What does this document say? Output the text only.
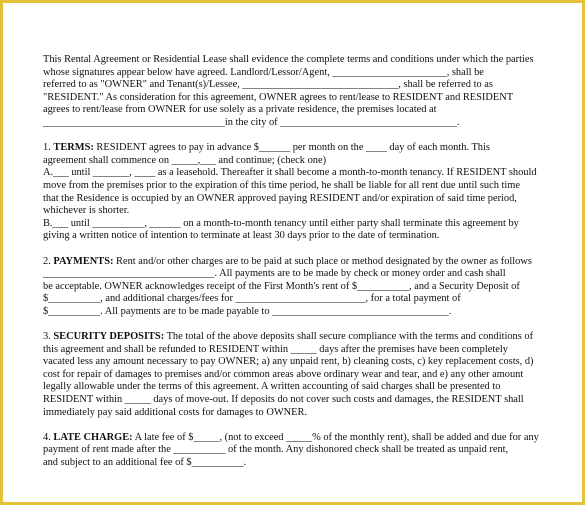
This Rental Agreement or Residential Lease shall evidence the complete terms and conditions under which the parties
whose signatures appear below have agreed. Landlord/Lessor/Agent, ______________________, shall be
referred to as "OWNER" and Tenant(s)/Lessee, ______________________________, shall be referred to as
"RESIDENT." As consideration for this agreement, OWNER agrees to rent/lease to RESIDENT and RESIDENT
agrees to rent/lease from OWNER for use solely as a private residence, the premises located at
___________________________________in the city of __________________________________.

1. TERMS: RESIDENT agrees to pay in advance $______ per month on the ____ day of each month. This
agreement shall commence on _____,___ and continue; (check one)
A.___ until _______, ____ as a leasehold. Thereafter it shall become a month-to-month tenancy. If RESIDENT should
move from the premises prior to the expiration of this time period, he shall be liable for all rent due until such time
that the Residence is occupied by an OWNER approved paying RESIDENT and/or expiration of said time period,
whichever is shorter.
B.___ until __________, ______ on a month-to-month tenancy until either party shall terminate this agreement by
giving a written notice of intention to terminate at least 30 days prior to the date of termination.

2. PAYMENTS: Rent and/or other charges are to be paid at such place or method designated by the owner as follows
_________________________________. All payments are to be made by check or money order and cash shall
be acceptable. OWNER acknowledges receipt of the First Month's rent of $__________, and a Security Deposit of
$__________, and additional charges/fees for _________________________, for a total payment of
$__________. All payments are to be made payable to __________________________________.

3. SECURITY DEPOSITS: The total of the above deposits shall secure compliance with the terms and conditions of
this agreement and shall be refunded to RESIDENT within _____ days after the premises have been completely
vacated less any amount necessary to pay OWNER; a) any unpaid rent, b) cleaning costs, c) key replacement costs, d)
cost for repair of damages to premises and/or common areas above ordinary wear and tear, and e) any other amount
legally allowable under the terms of this agreement. A written accounting of said charges shall be presented to
RESIDENT within _____ days of move-out. If deposits do not cover such costs and damages, the RESIDENT shall
immediately pay said additional costs for damages to OWNER.

4. LATE CHARGE: A late fee of $_____, (not to exceed _____% of the monthly rent), shall be added and due for any
payment of rent made after the __________ of the month. Any dishonored check shall be treated as unpaid rent,
and subject to an additional fee of $__________.
